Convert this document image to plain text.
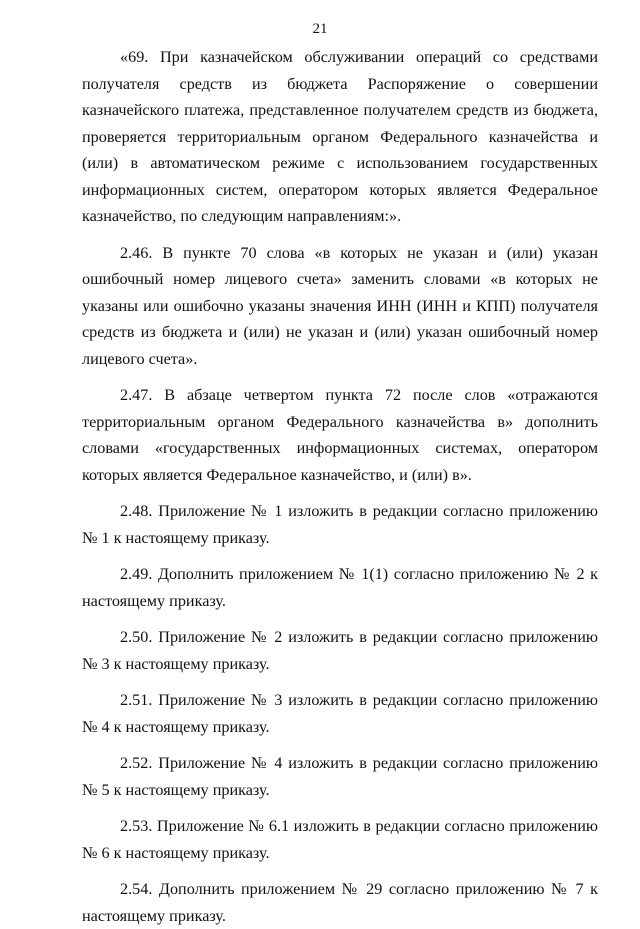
21

«69. При казначейском обслуживании операций со средствами получателя средств из бюджета Распоряжение о совершении казначейского платежа, представленное получателем средств из бюджета, проверяется территориальным органом Федерального казначейства и (или) в автоматическом режиме с использованием государственных информационных систем, оператором которых является Федеральное казначейство, по следующим направлениям:».

2.46. В пункте 70 слова «в которых не указан и (или) указан ошибочный номер лицевого счета» заменить словами «в которых не указаны или ошибочно указаны значения ИНН (ИНН и КПП) получателя средств из бюджета и (или) не указан и (или) указан ошибочный номер лицевого счета».

2.47. В абзаце четвертом пункта 72 после слов «отражаются территориальным органом Федерального казначейства в» дополнить словами «государственных информационных системах, оператором которых является Федеральное казначейство, и (или) в».

2.48. Приложение № 1 изложить в редакции согласно приложению № 1 к настоящему приказу.

2.49. Дополнить приложением № 1(1) согласно приложению № 2 к настоящему приказу.

2.50. Приложение № 2 изложить в редакции согласно приложению № 3 к настоящему приказу.

2.51. Приложение № 3 изложить в редакции согласно приложению № 4 к настоящему приказу.

2.52. Приложение № 4 изложить в редакции согласно приложению № 5 к настоящему приказу.

2.53. Приложение № 6.1 изложить в редакции согласно приложению № 6 к настоящему приказу.

2.54. Дополнить приложением № 29 согласно приложению № 7 к настоящему приказу.
